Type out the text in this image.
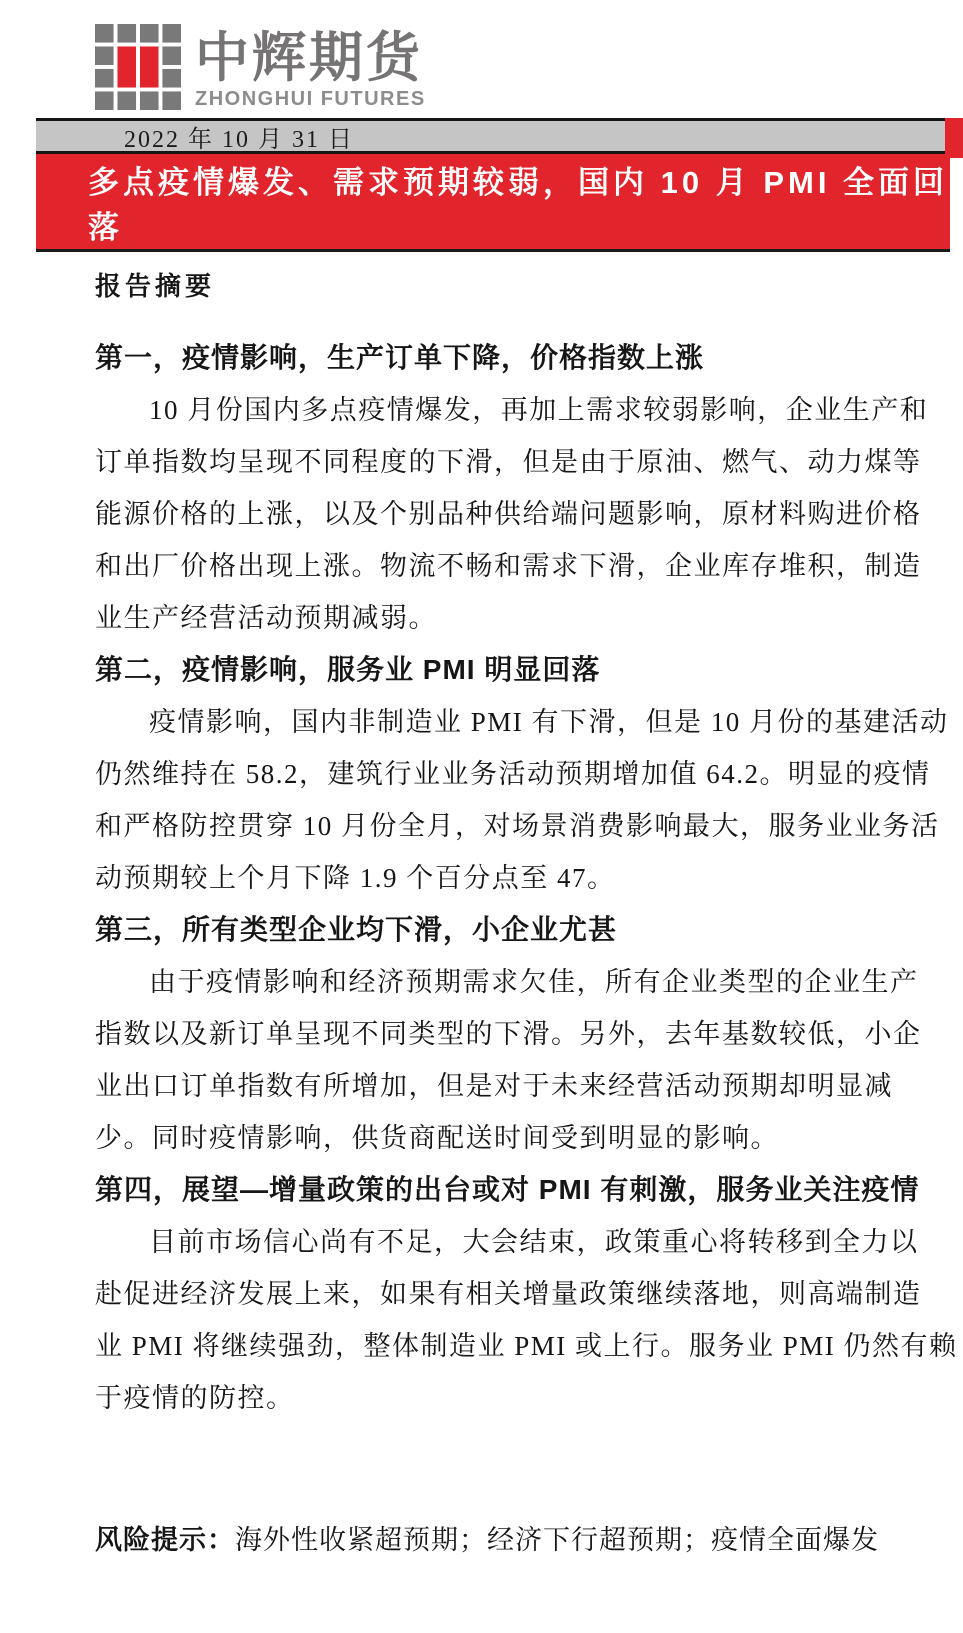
中辉期货
ZHONGHUI FUTURES
2022 年 10 月 31 日
多点疫情爆发、需求预期较弱，国内 10 月 PMI 全面回落
报告摘要
第一，疫情影响，生产订单下降，价格指数上涨
10 月份国内多点疫情爆发，再加上需求较弱影响，企业生产和
订单指数均呈现不同程度的下滑，但是由于原油、燃气、动力煤等
能源价格的上涨，以及个别品种供给端问题影响，原材料购进价格
和出厂价格出现上涨。物流不畅和需求下滑，企业库存堆积，制造
业生产经营活动预期减弱。
第二，疫情影响，服务业 PMI 明显回落
疫情影响，国内非制造业 PMI 有下滑，但是 10 月份的基建活动
仍然维持在 58.2，建筑行业业务活动预期增加值 64.2。明显的疫情
和严格防控贯穿 10 月份全月，对场景消费影响最大，服务业业务活
动预期较上个月下降 1.9 个百分点至 47。
第三，所有类型企业均下滑，小企业尤甚
由于疫情影响和经济预期需求欠佳，所有企业类型的企业生产
指数以及新订单呈现不同类型的下滑。另外，去年基数较低，小企
业出口订单指数有所增加，但是对于未来经营活动预期却明显减
少。同时疫情影响，供货商配送时间受到明显的影响。
第四，展望—增量政策的出台或对 PMI 有刺激，服务业关注疫情
目前市场信心尚有不足，大会结束，政策重心将转移到全力以
赴促进经济发展上来，如果有相关增量政策继续落地，则高端制造
业 PMI 将继续强劲，整体制造业 PMI 或上行。服务业 PMI 仍然有赖
于疫情的防控。
风险提示：海外性收紧超预期；经济下行超预期；疫情全面爆发
